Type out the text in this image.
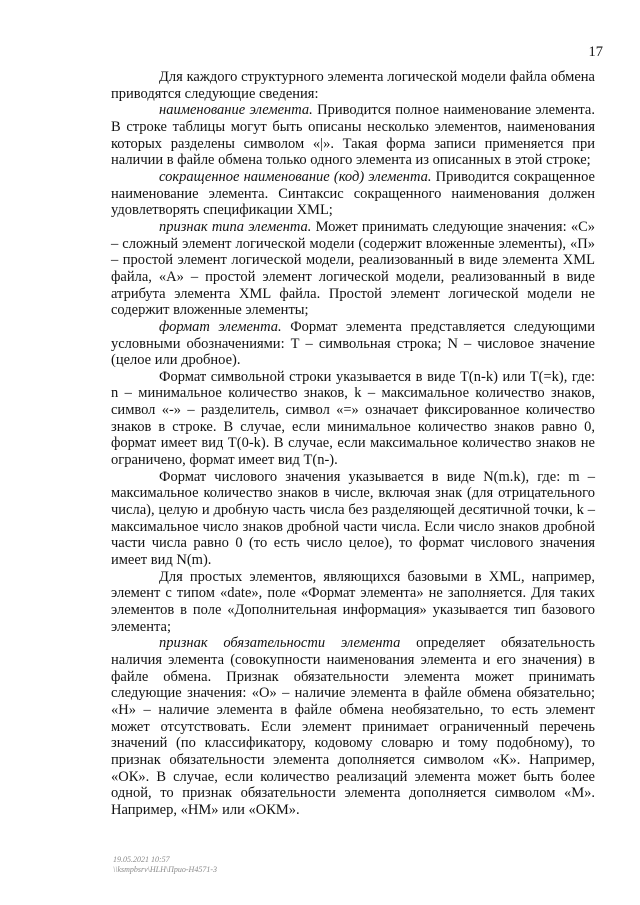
17

Для каждого структурного элемента логической модели файла обмена приводятся следующие сведения:

наименование элемента. Приводится полное наименование элемента. В строке таблицы могут быть описаны несколько элементов, наименования которых разделены символом «|». Такая форма записи применяется при наличии в файле обмена только одного элемента из описанных в этой строке;

сокращенное наименование (код) элемента. Приводится сокращенное наименование элемента. Синтаксис сокращенного наименования должен удовлетворять спецификации XML;

признак типа элемента. Может принимать следующие значения: «С» – сложный элемент логической модели (содержит вложенные элементы), «П» – простой элемент логической модели, реализованный в виде элемента XML файла, «А» – простой элемент логической модели, реализованный в виде атрибута элемента XML файла. Простой элемент логической модели не содержит вложенные элементы;

формат элемента. Формат элемента представляется следующими условными обозначениями: Т – символьная строка; N – числовое значение (целое или дробное).

Формат символьной строки указывается в виде Т(n-k) или Т(=k), где: n – минимальное количество знаков, k – максимальное количество знаков, символ «-» – разделитель, символ «=» означает фиксированное количество знаков в строке. В случае, если минимальное количество знаков равно 0, формат имеет вид Т(0-k). В случае, если максимальное количество знаков не ограничено, формат имеет вид Т(n-).

Формат числового значения указывается в виде N(m.k), где: m – максимальное количество знаков в числе, включая знак (для отрицательного числа), целую и дробную часть числа без разделяющей десятичной точки, k – максимальное число знаков дробной части числа. Если число знаков дробной части числа равно 0 (то есть число целое), то формат числового значения имеет вид N(m).

Для простых элементов, являющихся базовыми в XML, например, элемент с типом «date», поле «Формат элемента» не заполняется. Для таких элементов в поле «Дополнительная информация» указывается тип базового элемента;

признак обязательности элемента определяет обязательность наличия элемента (совокупности наименования элемента и его значения) в файле обмена. Признак обязательности элемента может принимать следующие значения: «О» – наличие элемента в файле обмена обязательно; «Н» – наличие элемента в файле обмена необязательно, то есть элемент может отсутствовать. Если элемент принимает ограниченный перечень значений (по классификатору, кодовому словарю и тому подобному), то признак обязательности элемента дополняется символом «К». Например, «ОК». В случае, если количество реализаций элемента может быть более одной, то признак обязательности элемента дополняется символом «М». Например, «НМ» или «ОКМ».

19.05.2021 10:57
\\ksmpbsrv\HLH\Прио-H4571-3
